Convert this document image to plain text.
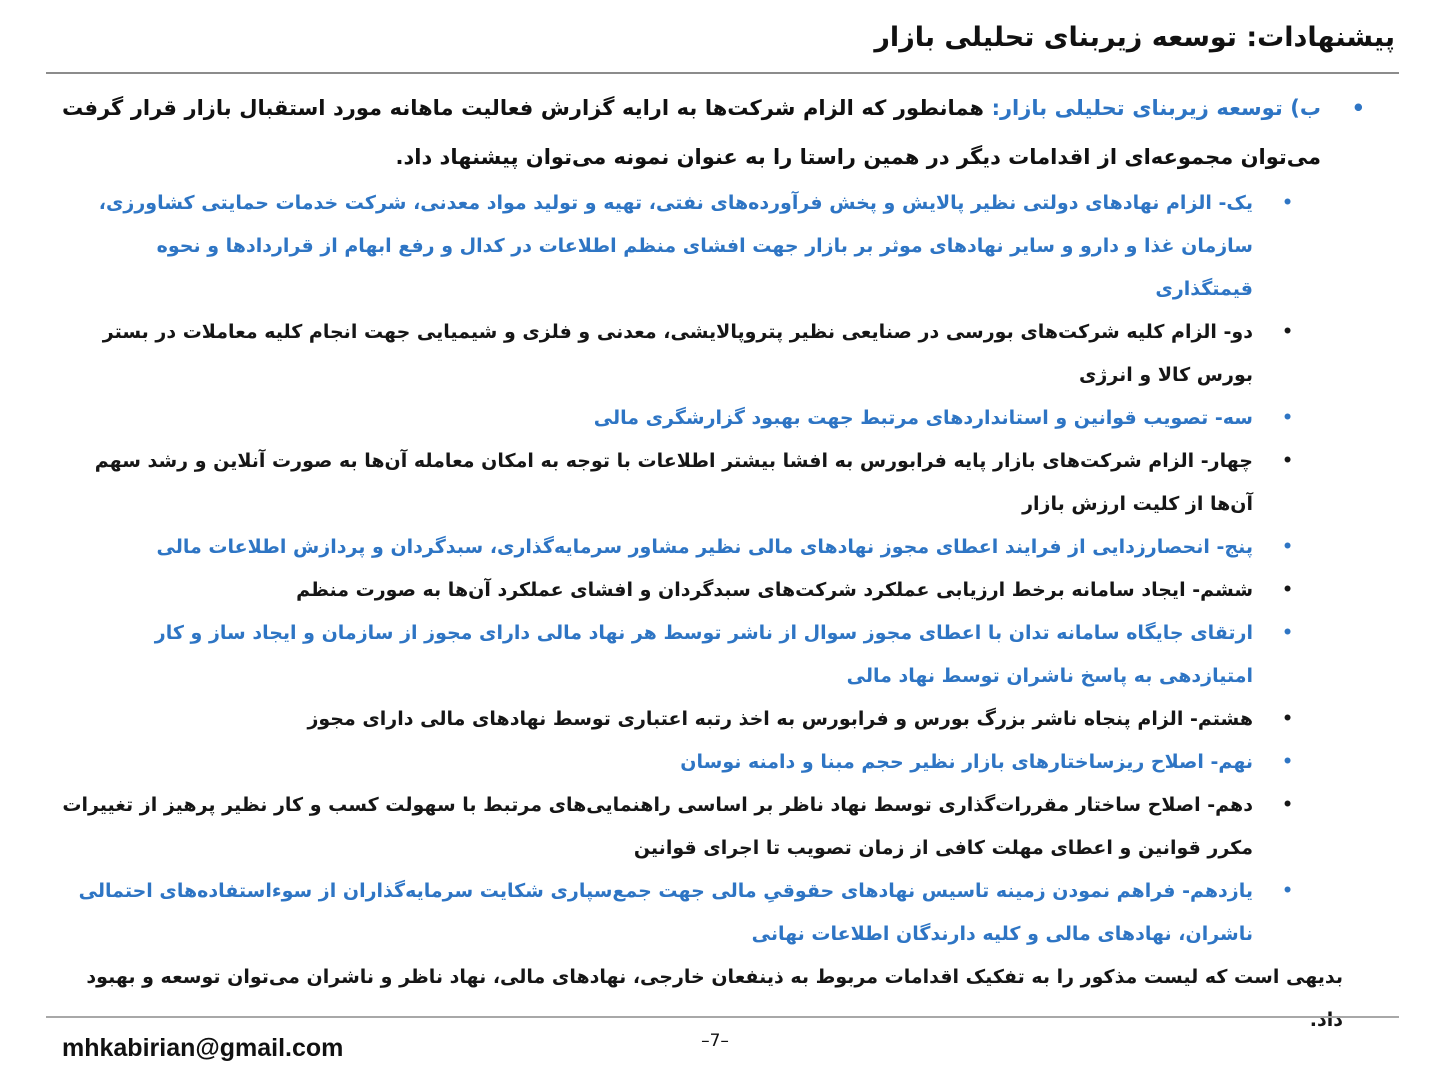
پیشنهادات: توسعه زیربنای تحلیلی بازار
•
ب) توسعه زیربنای تحلیلی بازار: همانطور که الزام شرکت‌ها به ارایه گزارش فعالیت ماهانه مورد استقبال بازار قرار گرفت می‌توان مجموعه‌ای از اقدامات دیگر در همین راستا را به عنوان نمونه می‌توان پیشنهاد داد.
•
یک- الزام نهادهای دولتی نظیر پالایش و پخش فرآورده‌های نفتی، تهیه و تولید مواد معدنی، شرکت خدمات حمایتی کشاورزی، سازمان غذا و دارو و سایر نهادهای موثر بر بازار جهت افشای منظم اطلاعات در کدال و رفع ابهام از قراردادها و نحوه قیمتگذاری
•
دو- الزام کلیه شرکت‌های بورسی در صنایعی نظیر پتروپالایشی، معدنی و فلزی و شیمیایی جهت انجام کلیه معاملات در بستر بورس کالا و انرژی
•
سه- تصویب قوانین و استانداردهای مرتبط جهت بهبود گزارشگری مالی
•
چهار- الزام شرکت‌های بازار پایه فرابورس به افشا بیشتر اطلاعات با توجه به امکان معامله آن‌ها به صورت آنلاین و رشد سهم آن‌ها از کلیت ارزش بازار
•
پنج- انحصارزدایی از فرایند اعطای مجوز نهادهای مالی نظیر مشاور سرمایه‌گذاری، سبدگردان و پردازش اطلاعات مالی
•
ششم- ایجاد سامانه برخط ارزیابی عملکرد شرکت‌های سبدگردان و افشای عملکرد آن‌ها به صورت منظم
•
ارتقای جایگاه سامانه تدان با اعطای مجوز سوال از ناشر توسط هر نهاد مالی دارای مجوز از سازمان و ایجاد ساز و کار امتیازدهی به پاسخ ناشران توسط نهاد مالی
•
هشتم- الزام پنجاه ناشر بزرگ بورس و فرابورس به اخذ رتبه اعتباری توسط نهادهای مالی دارای مجوز
•
نهم- اصلاح ریزساختارهای بازار نظیر حجم مبنا و دامنه نوسان
•
دهم- اصلاح ساختار مقررات‌گذاری توسط نهاد ناظر بر اساسی راهنمایی‌های مرتبط با سهولت کسب و کار نظیر پرهیز از تغییرات مکرر قوانین و اعطای مهلت کافی از زمان تصویب تا اجرای قوانین
•
یازدهم- فراهم نمودن زمینه تاسیس نهادهای حقوقیِ مالی جهت جمع‌سپاری شکایت سرمایه‌گذاران از سوءاستفاده‌های احتمالی ناشران، نهادهای مالی و کلیه دارندگان اطلاعات نهانی
بدیهی است که لیست مذکور را به تفکیک اقدامات مربوط به ذینفعان خارجی، نهادهای مالی، نهاد ناظر و ناشران می‌توان توسعه و بهبود داد.
mhkabirian@gmail.com	–7–
